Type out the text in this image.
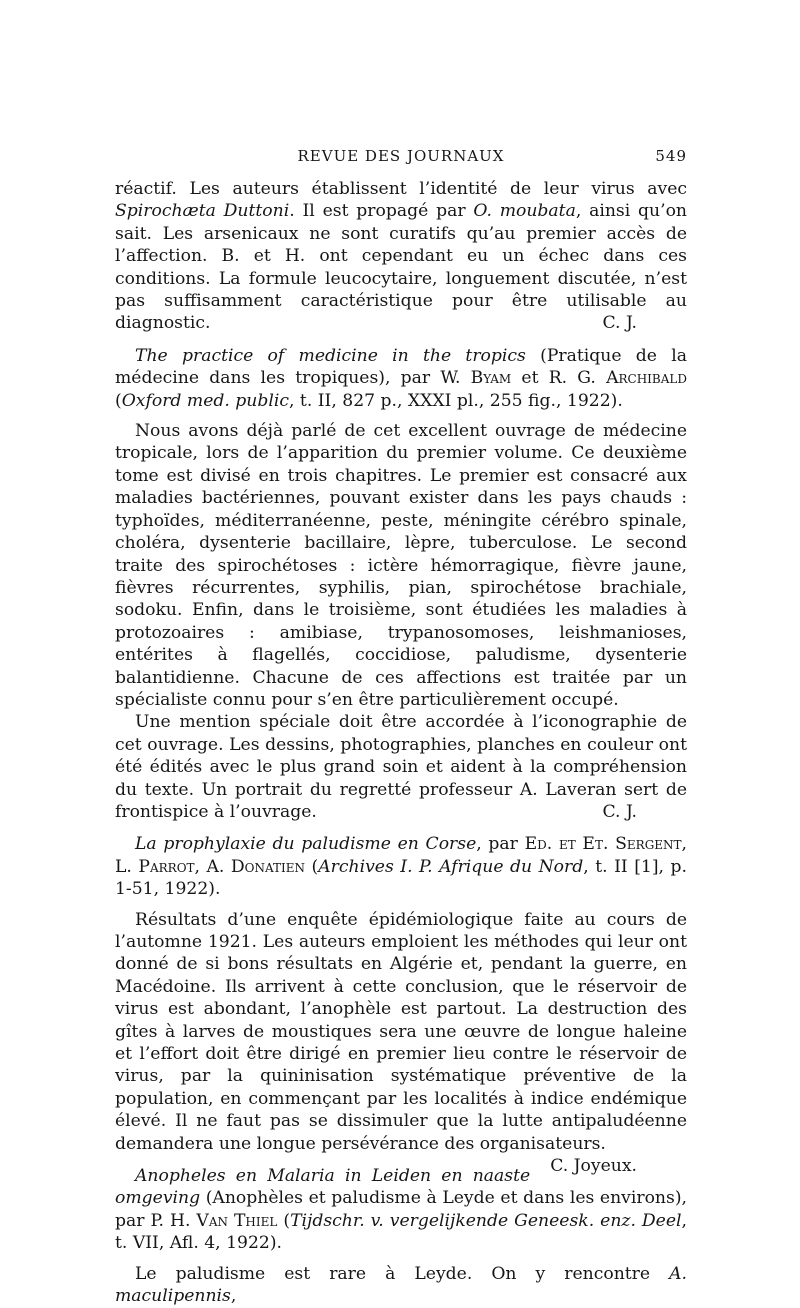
REVUE DES JOURNAUX	549

réactif. Les auteurs établissent l’identité de leur virus avec Spirochæta Duttoni. Il est propagé par O. moubata, ainsi qu’on sait. Les arsenicaux ne sont curatifs qu’au premier accès de l’affection. B. et H. ont cependant eu un échec dans ces conditions. La formule leucocytaire, longuement discutée, n’est pas suffisamment caractéristique pour être utilisable au diagnostic.	C. J.

The practice of medicine in the tropics (Pratique de la médecine dans les tropiques), par W. Byam et R. G. Archibald (Oxford med. public, t. II, 827 p., XXXI pl., 255 fig., 1922).

Nous avons déjà parlé de cet excellent ouvrage de médecine tropicale, lors de l’apparition du premier volume. Ce deuxième tome est divisé en trois chapitres. Le premier est consacré aux maladies bactériennes, pouvant exister dans les pays chauds : typhoïdes, méditerranéenne, peste, méningite cérébro spinale, choléra, dysenterie bacillaire, lèpre, tuberculose. Le second traite des spirochétoses : ictère hémorragique, fièvre jaune, fièvres récurrentes, syphilis, pian, spirochétose brachiale, sodoku. Enfin, dans le troisième, sont étudiées les maladies à protozoaires : amibiase, trypanosomoses, leishmanioses, entérites à flagellés, coccidiose, paludisme, dysenterie balantidienne. Chacune de ces affections est traitée par un spécialiste connu pour s’en être particulièrement occupé.

Une mention spéciale doit être accordée à l’iconographie de cet ouvrage. Les dessins, photographies, planches en couleur ont été édités avec le plus grand soin et aident à la compréhension du texte. Un portrait du regretté professeur A. Laveran sert de frontispice à l’ouvrage.	C. J.

La prophylaxie du paludisme en Corse, par Ed. et Et. Sergent, L. Parrot, A. Donatien (Archives I. P. Afrique du Nord, t. II [1], p. 1-51, 1922).

Résultats d’une enquête épidémiologique faite au cours de l’automne 1921. Les auteurs emploient les méthodes qui leur ont donné de si bons résultats en Algérie et, pendant la guerre, en Macédoine. Ils arrivent à cette conclusion, que le réservoir de virus est abondant, l’anophèle est partout. La destruction des gîtes à larves de moustiques sera une œuvre de longue haleine et l’effort doit être dirigé en premier lieu contre le réservoir de virus, par la quininisation systématique préventive de la population, en commençant par les localités à indice endémique élevé. Il ne faut pas se dissimuler que la lutte antipaludéenne demandera une longue persévérance des organisateurs.
C. Joyeux.

Anopheles en Malaria in Leiden en naaste omgeving (Anophèles et paludisme à Leyde et dans les environs), par P. H. Van Thiel (Tijdschr. v. vergelijkende Geneesk. enz. Deel, t. VII, Afl. 4, 1922).

Le paludisme est rare à Leyde. On y rencontre A. maculipennis,
